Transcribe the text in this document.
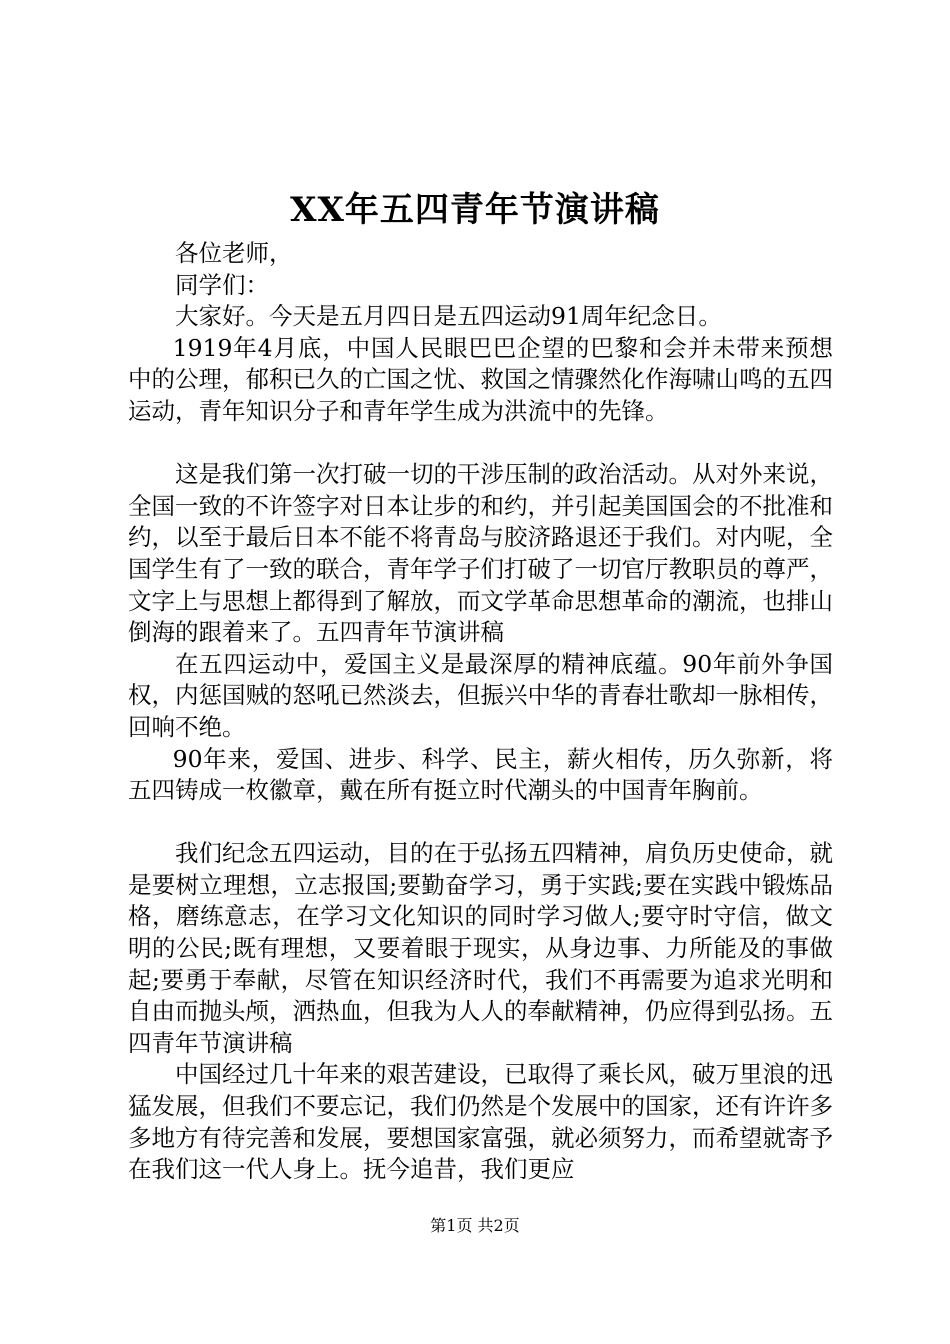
XX年五四青年节演讲稿

各位老师，

同学们：

大家好。今天是五月四日是五四运动91周年纪念日。

1919年4月底，中国人民眼巴巴企望的巴黎和会并未带来预想中的公理，郁积已久的亡国之忧、救国之情骤然化作海啸山鸣的五四运动，青年知识分子和青年学生成为洪流中的先锋。

这是我们第一次打破一切的干涉压制的政治活动。从对外来说，全国一致的不许签字对日本让步的和约，并引起美国国会的不批准和约，以至于最后日本不能不将青岛与胶济路退还于我们。对内呢，全国学生有了一致的联合，青年学子们打破了一切官厅教职员的尊严，文字上与思想上都得到了解放，而文学革命思想革命的潮流，也排山倒海的跟着来了。五四青年节演讲稿

在五四运动中，爱国主义是最深厚的精神底蕴。90年前外争国权，内惩国贼的怒吼已然淡去，但振兴中华的青春壮歌却一脉相传，回响不绝。

90年来，爱国、进步、科学、民主，薪火相传，历久弥新，将五四铸成一枚徽章，戴在所有挺立时代潮头的中国青年胸前。

我们纪念五四运动，目的在于弘扬五四精神，肩负历史使命，就是要树立理想，立志报国;要勤奋学习，勇于实践;要在实践中锻炼品格，磨练意志，在学习文化知识的同时学习做人;要守时守信，做文明的公民;既有理想，又要着眼于现实，从身边事、力所能及的事做起;要勇于奉献，尽管在知识经济时代，我们不再需要为追求光明和自由而抛头颅，洒热血，但我为人人的奉献精神，仍应得到弘扬。五四青年节演讲稿

中国经过几十年来的艰苦建设，已取得了乘长风，破万里浪的迅猛发展，但我们不要忘记，我们仍然是个发展中的国家，还有许许多多地方有待完善和发展，要想国家富强，就必须努力，而希望就寄予在我们这一代人身上。抚今追昔，我们更应

第1页 共2页
